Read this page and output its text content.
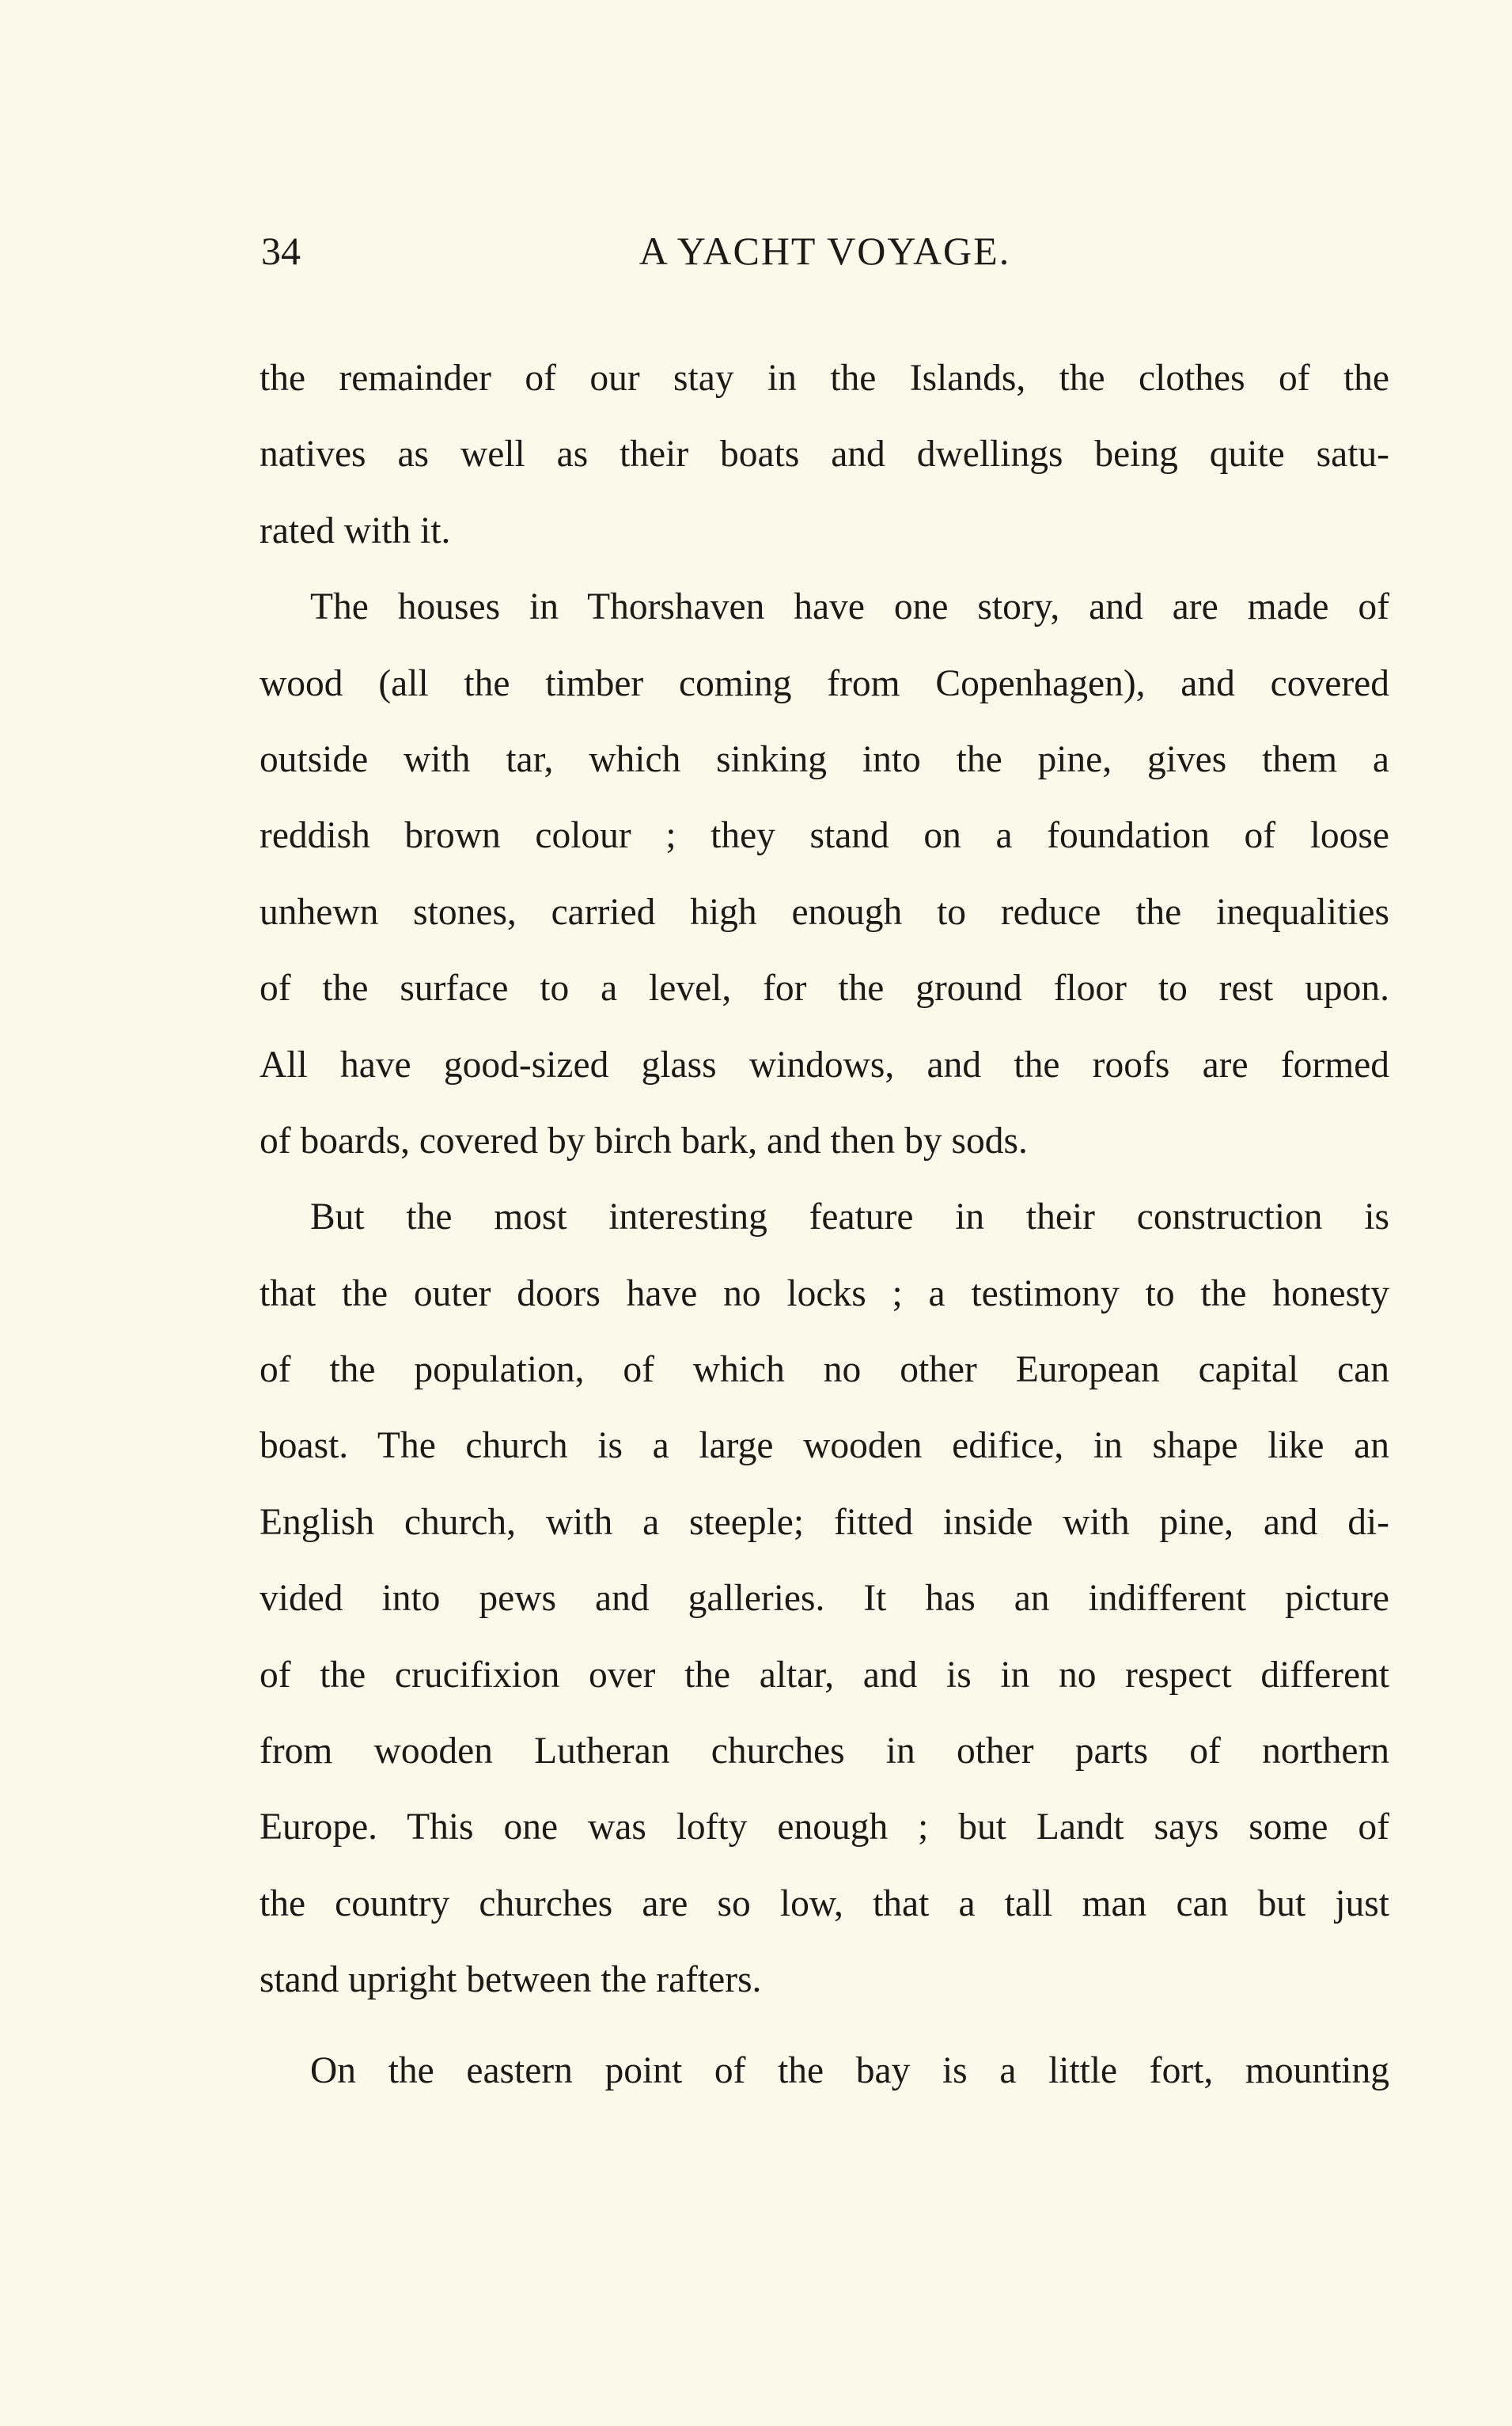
34	A YACHT VOYAGE.
the remainder of our stay in the Islands, the clothes of the
natives as well as their boats and dwellings being quite satu-
rated with it.
The houses in Thorshaven have one story, and are made of
wood (all the timber coming from Copenhagen), and covered
outside with tar, which sinking into the pine, gives them a
reddish brown colour ; they stand on a foundation of loose
unhewn stones, carried high enough to reduce the inequalities
of the surface to a level, for the ground floor to rest upon.
All have good-sized glass windows, and the roofs are formed
of boards, covered by birch bark, and then by sods.
But the most interesting feature in their construction is
that the outer doors have no locks ; a testimony to the honesty
of the population, of which no other European capital can
boast. The church is a large wooden edifice, in shape like an
English church, with a steeple; fitted inside with pine, and di-
vided into pews and galleries. It has an indifferent picture
of the crucifixion over the altar, and is in no respect different
from wooden Lutheran churches in other parts of northern
Europe. This one was lofty enough ; but Landt says some of
the country churches are so low, that a tall man can but just
stand upright between the rafters.
On the eastern point of the bay is a little fort, mounting
